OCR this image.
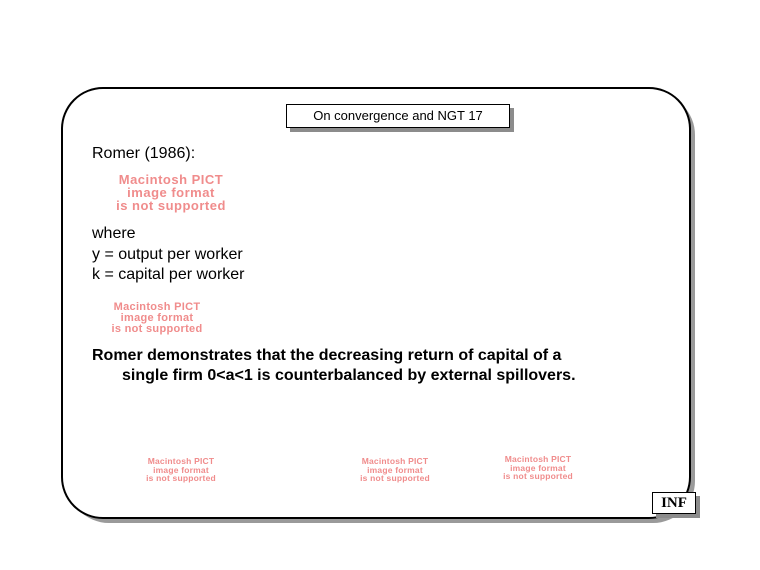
On convergence and NGT 17
Romer (1986):
Macintosh PICT
image format
is not supported
where
y = output per worker
k = capital per worker
Macintosh PICT
image format
is not supported
Romer demonstrates that the decreasing return of capital of a
single firm 0<a<1 is counterbalanced by external spillovers.
Macintosh PICT
image format
is not supported
Macintosh PICT
image format
is not supported
Macintosh PICT
image format
is not supported
INF
